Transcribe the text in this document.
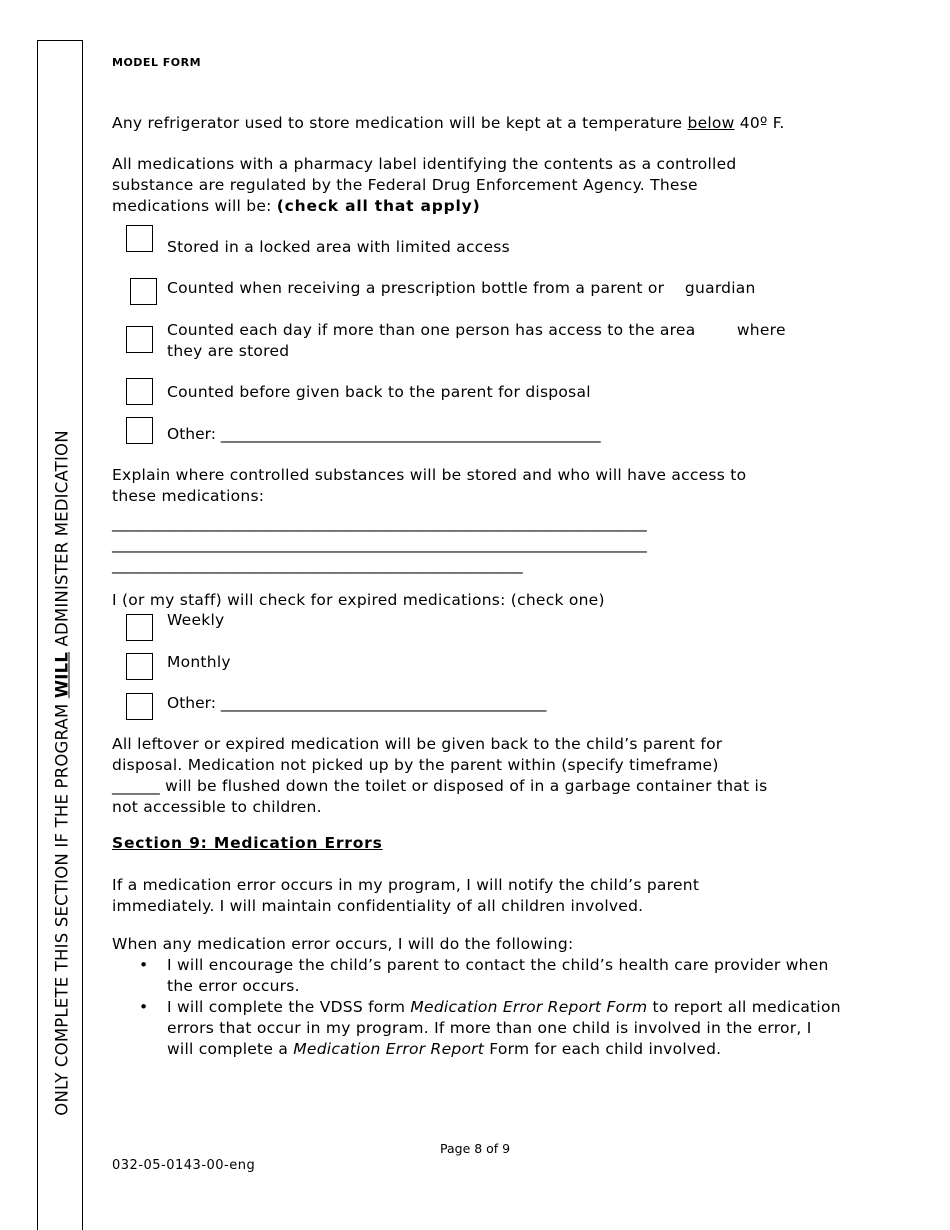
ONLY COMPLETE THIS SECTION IF THE PROGRAM WILL ADMINISTER MEDICATION
MODEL FORM
Any refrigerator used to store medication will be kept at a temperature below 40º F.
All medications with a pharmacy label identifying the contents as a controlled
substance are regulated by the Federal Drug Enforcement Agency. These
medications will be: (check all that apply)
Stored in a locked area with limited access
Counted when receiving a prescription bottle from a parent or    guardian
Counted each day if more than one person has access to the area        where
they are stored
Counted before given back to the parent for disposal
Other: _________________________________________________
Explain where controlled substances will be stored and who will have access to
these medications:
_____________________________________________________________________
_____________________________________________________________________
_____________________________________________________
I (or my staff) will check for expired medications: (check one)
Weekly
Monthly
Other: __________________________________________
All leftover or expired medication will be given back to the child’s parent for
disposal. Medication not picked up by the parent within (specify timeframe)
______ will be flushed down the toilet or disposed of in a garbage container that is
not accessible to children.
Section 9: Medication Errors
If a medication error occurs in my program, I will notify the child’s parent
immediately. I will maintain confidentiality of all children involved.
When any medication error occurs, I will do the following:
• I will encourage the child’s parent to contact the child’s health care provider when the error occurs.
• I will complete the VDSS form Medication Error Report Form to report all medication errors that occur in my program. If more than one child is involved in the error, I will complete a Medication Error Report Form for each child involved.
Page 8 of 9
032-05-0143-00-eng
